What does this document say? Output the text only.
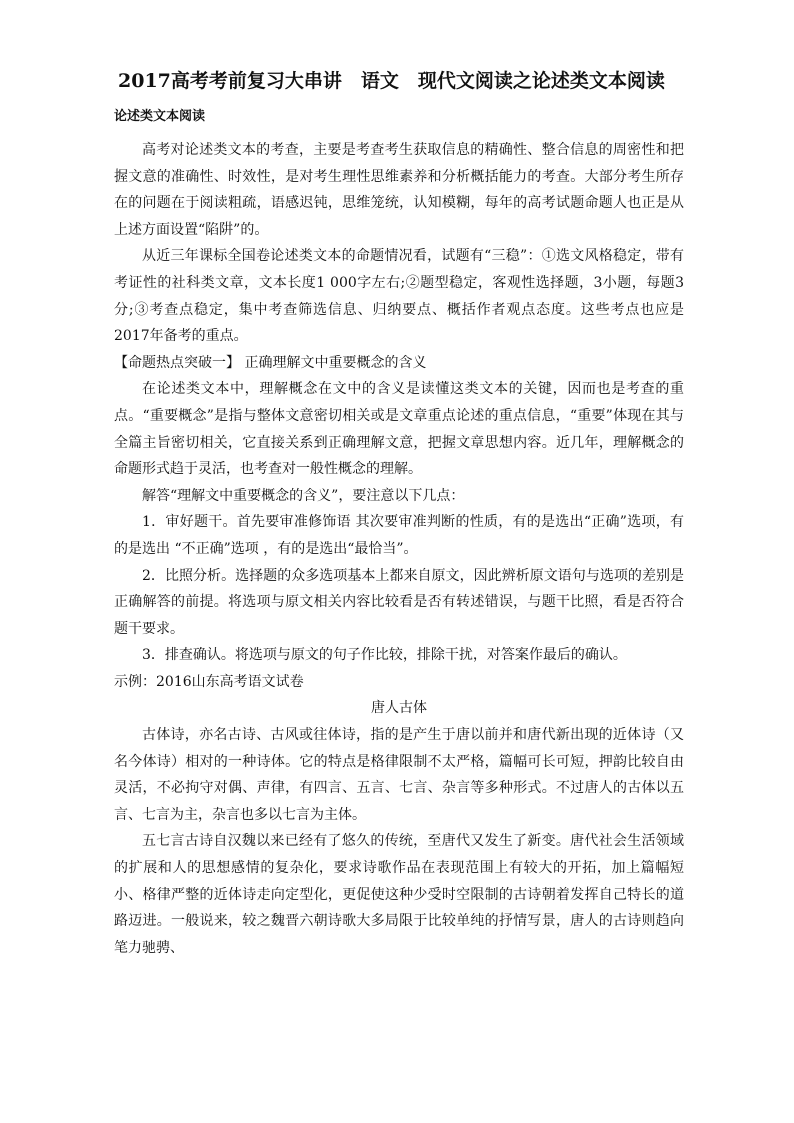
2017高考考前复习大串讲　语文　现代文阅读之论述类文本阅读
论述类文本阅读

高考对论述类文本的考查，主要是考查考生获取信息的精确性、整合信息的周密性和把握文意的准确性、时效性，是对考生理性思维素养和分析概括能力的考查。大部分考生所存在的问题在于阅读粗疏，语感迟钝，思维笼统，认知模糊，每年的高考试题命题人也正是从上述方面设置“陷阱”的。

从近三年课标全国卷论述类文本的命题情况看，试题有“三稳”：①选文风格稳定，带有考证性的社科类文章，文本长度1 000字左右;②题型稳定，客观性选择题，3小题，每题3分;③考查点稳定，集中考查筛选信息、归纳要点、概括作者观点态度。这些考点也应是2017年备考的重点。

【命题热点突破一】 正确理解文中重要概念的含义

在论述类文本中，理解概念在文中的含义是读懂这类文本的关键，因而也是考查的重点。“重要概念”是指与整体文意密切相关或是文章重点论述的重点信息，“重要”体现在其与全篇主旨密切相关，它直接关系到正确理解文意，把握文章思想内容。近几年，理解概念的命题形式趋于灵活，也考查对一般性概念的理解。

解答“理解文中重要概念的含义”，要注意以下几点：

1．审好题干。首先要审准修饰语 其次要审准判断的性质，有的是选出“正确”选项，有的是选出 “不正确”选项 ，有的是选出“最恰当”。

2．比照分析。选择题的众多选项基本上都来自原文，因此辨析原文语句与选项的差别是正确解答的前提。将选项与原文相关内容比较看是否有转述错误，与题干比照，看是否符合题干要求。

3．排查确认。将选项与原文的句子作比较，排除干扰，对答案作最后的确认。

示例：2016山东高考语文试卷

唐人古体

古体诗，亦名古诗、古风或往体诗，指的是产生于唐以前并和唐代新出现的近体诗（又名今体诗）相对的一种诗体。它的特点是格律限制不太严格，篇幅可长可短，押韵比较自由灵活，不必拘守对偶、声律，有四言、五言、七言、杂言等多种形式。不过唐人的古体以五言、七言为主，杂言也多以七言为主体。

五七言古诗自汉魏以来已经有了悠久的传统，至唐代又发生了新变。唐代社会生活领域的扩展和人的思想感情的复杂化，要求诗歌作品在表现范围上有较大的开拓，加上篇幅短小、格律严整的近体诗走向定型化，更促使这种少受时空限制的古诗朝着发挥自己特长的道路迈进。一般说来，较之魏晋六朝诗歌大多局限于比较单纯的抒情写景，唐人的古诗则趋向笔力驰骋、
